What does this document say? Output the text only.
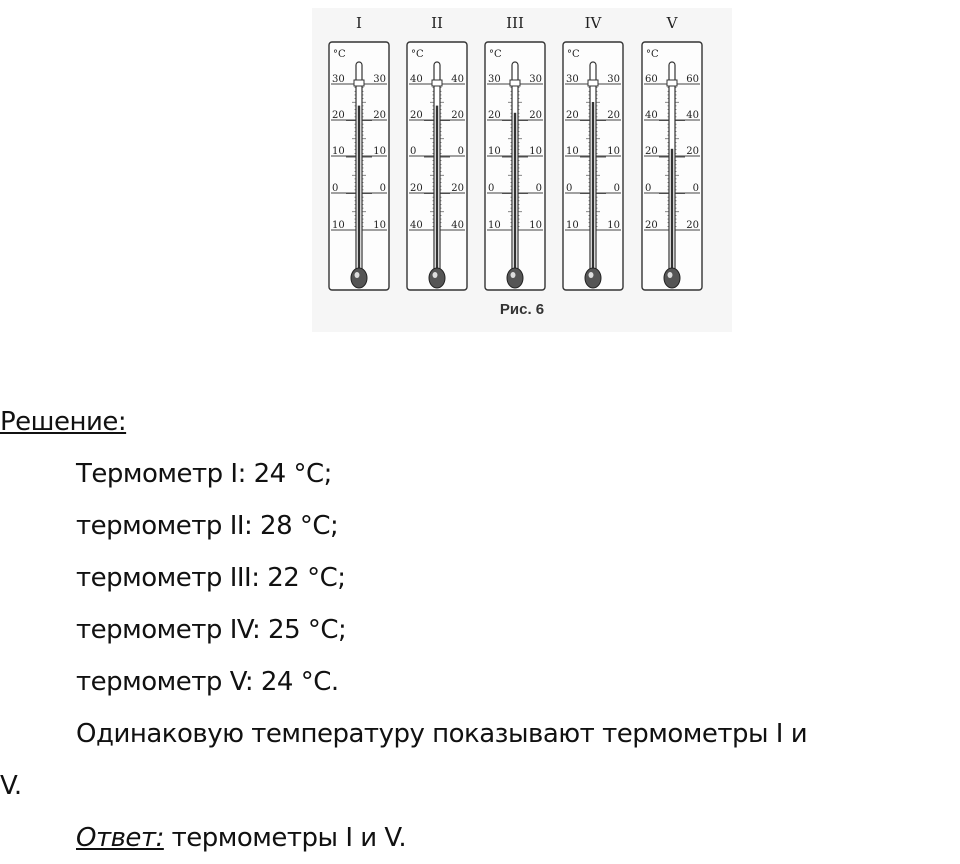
°C
30	30
20	20
10	10
0	0
10	10
°C
40	40
20	20
0	0
20	20
40	40
°C
30	30
20	20
10	10
0	0
10	10
°C
30	30
20	20
10	10
0	0
10	10
°C
60	60
40	40
20	20
0	0
20	20
Рис. 6
I	II	III	IV	V
Решение:
Термометр I: 24 °C;
термометр II: 28 °C;
термометр III: 22 °C;
термометр IV: 25 °C;
термометр V: 24 °C.
Одинаковую температуру показывают термометры I и
V.
Ответ: термометры I и V.
